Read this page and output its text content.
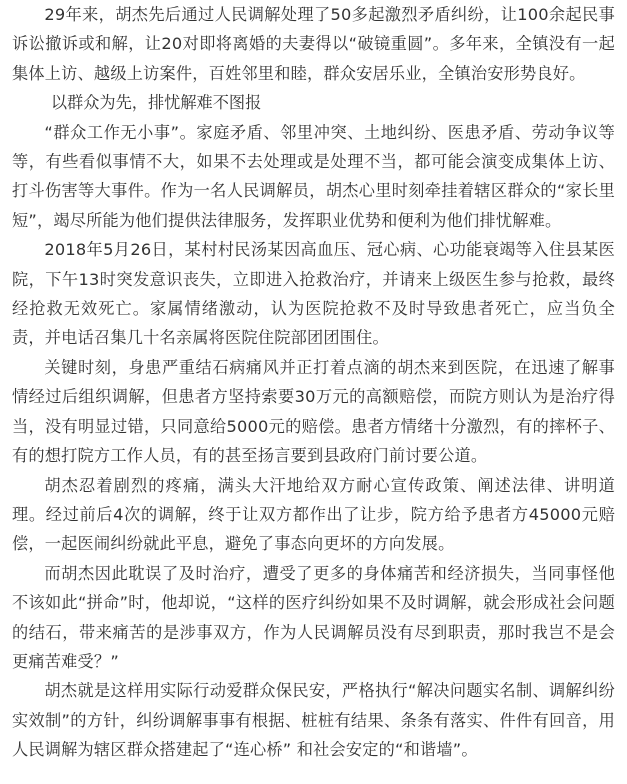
29年来，胡杰先后通过人民调解处理了50多起激烈矛盾纠纷，让100余起民事诉讼撤诉或和解，让20对即将离婚的夫妻得以“破镜重圆”。多年来，全镇没有一起集体上访、越级上访案件，百姓邻里和睦，群众安居乐业，全镇治安形势良好。

以群众为先，排忧解难不图报

“群众工作无小事”。家庭矛盾、邻里冲突、土地纠纷、医患矛盾、劳动争议等等，有些看似事情不大，如果不去处理或是处理不当，都可能会演变成集体上访、打斗伤害等大事件。作为一名人民调解员，胡杰心里时刻牵挂着辖区群众的“家长里短”，竭尽所能为他们提供法律服务，发挥职业优势和便利为他们排忧解难。

2018年5月26日，某村村民汤某因高血压、冠心病、心功能衰竭等入住县某医院，下午13时突发意识丧失，立即进入抢救治疗，并请来上级医生参与抢救，最终经抢救无效死亡。家属情绪激动，认为医院抢救不及时导致患者死亡，应当负全责，并电话召集几十名亲属将医院住院部团团围住。

关键时刻，身患严重结石病痛风并正打着点滴的胡杰来到医院，在迅速了解事情经过后组织调解，但患者方坚持索要30万元的高额赔偿，而院方则认为是治疗得当，没有明显过错，只同意给5000元的赔偿。患者方情绪十分激烈，有的摔杯子、有的想打院方工作人员，有的甚至扬言要到县政府门前讨要公道。

胡杰忍着剧烈的疼痛，满头大汗地给双方耐心宣传政策、阐述法律、讲明道理。经过前后4次的调解，终于让双方都作出了让步，院方给予患者方45000元赔偿，一起医闹纠纷就此平息，避免了事态向更坏的方向发展。

而胡杰因此耽误了及时治疗，遭受了更多的身体痛苦和经济损失，当同事怪他不该如此“拼命”时，他却说，“这样的医疗纠纷如果不及时调解，就会形成社会问题的结石，带来痛苦的是涉事双方，作为人民调解员没有尽到职责，那时我岂不是会更痛苦难受？”

胡杰就是这样用实际行动爱群众保民安，严格执行“解决问题实名制、调解纠纷实效制”的方针，纠纷调解事事有根据、桩桩有结果、条条有落实、件件有回音，用人民调解为辖区群众搭建起了“连心桥” 和社会安定的“和谐墙”。
